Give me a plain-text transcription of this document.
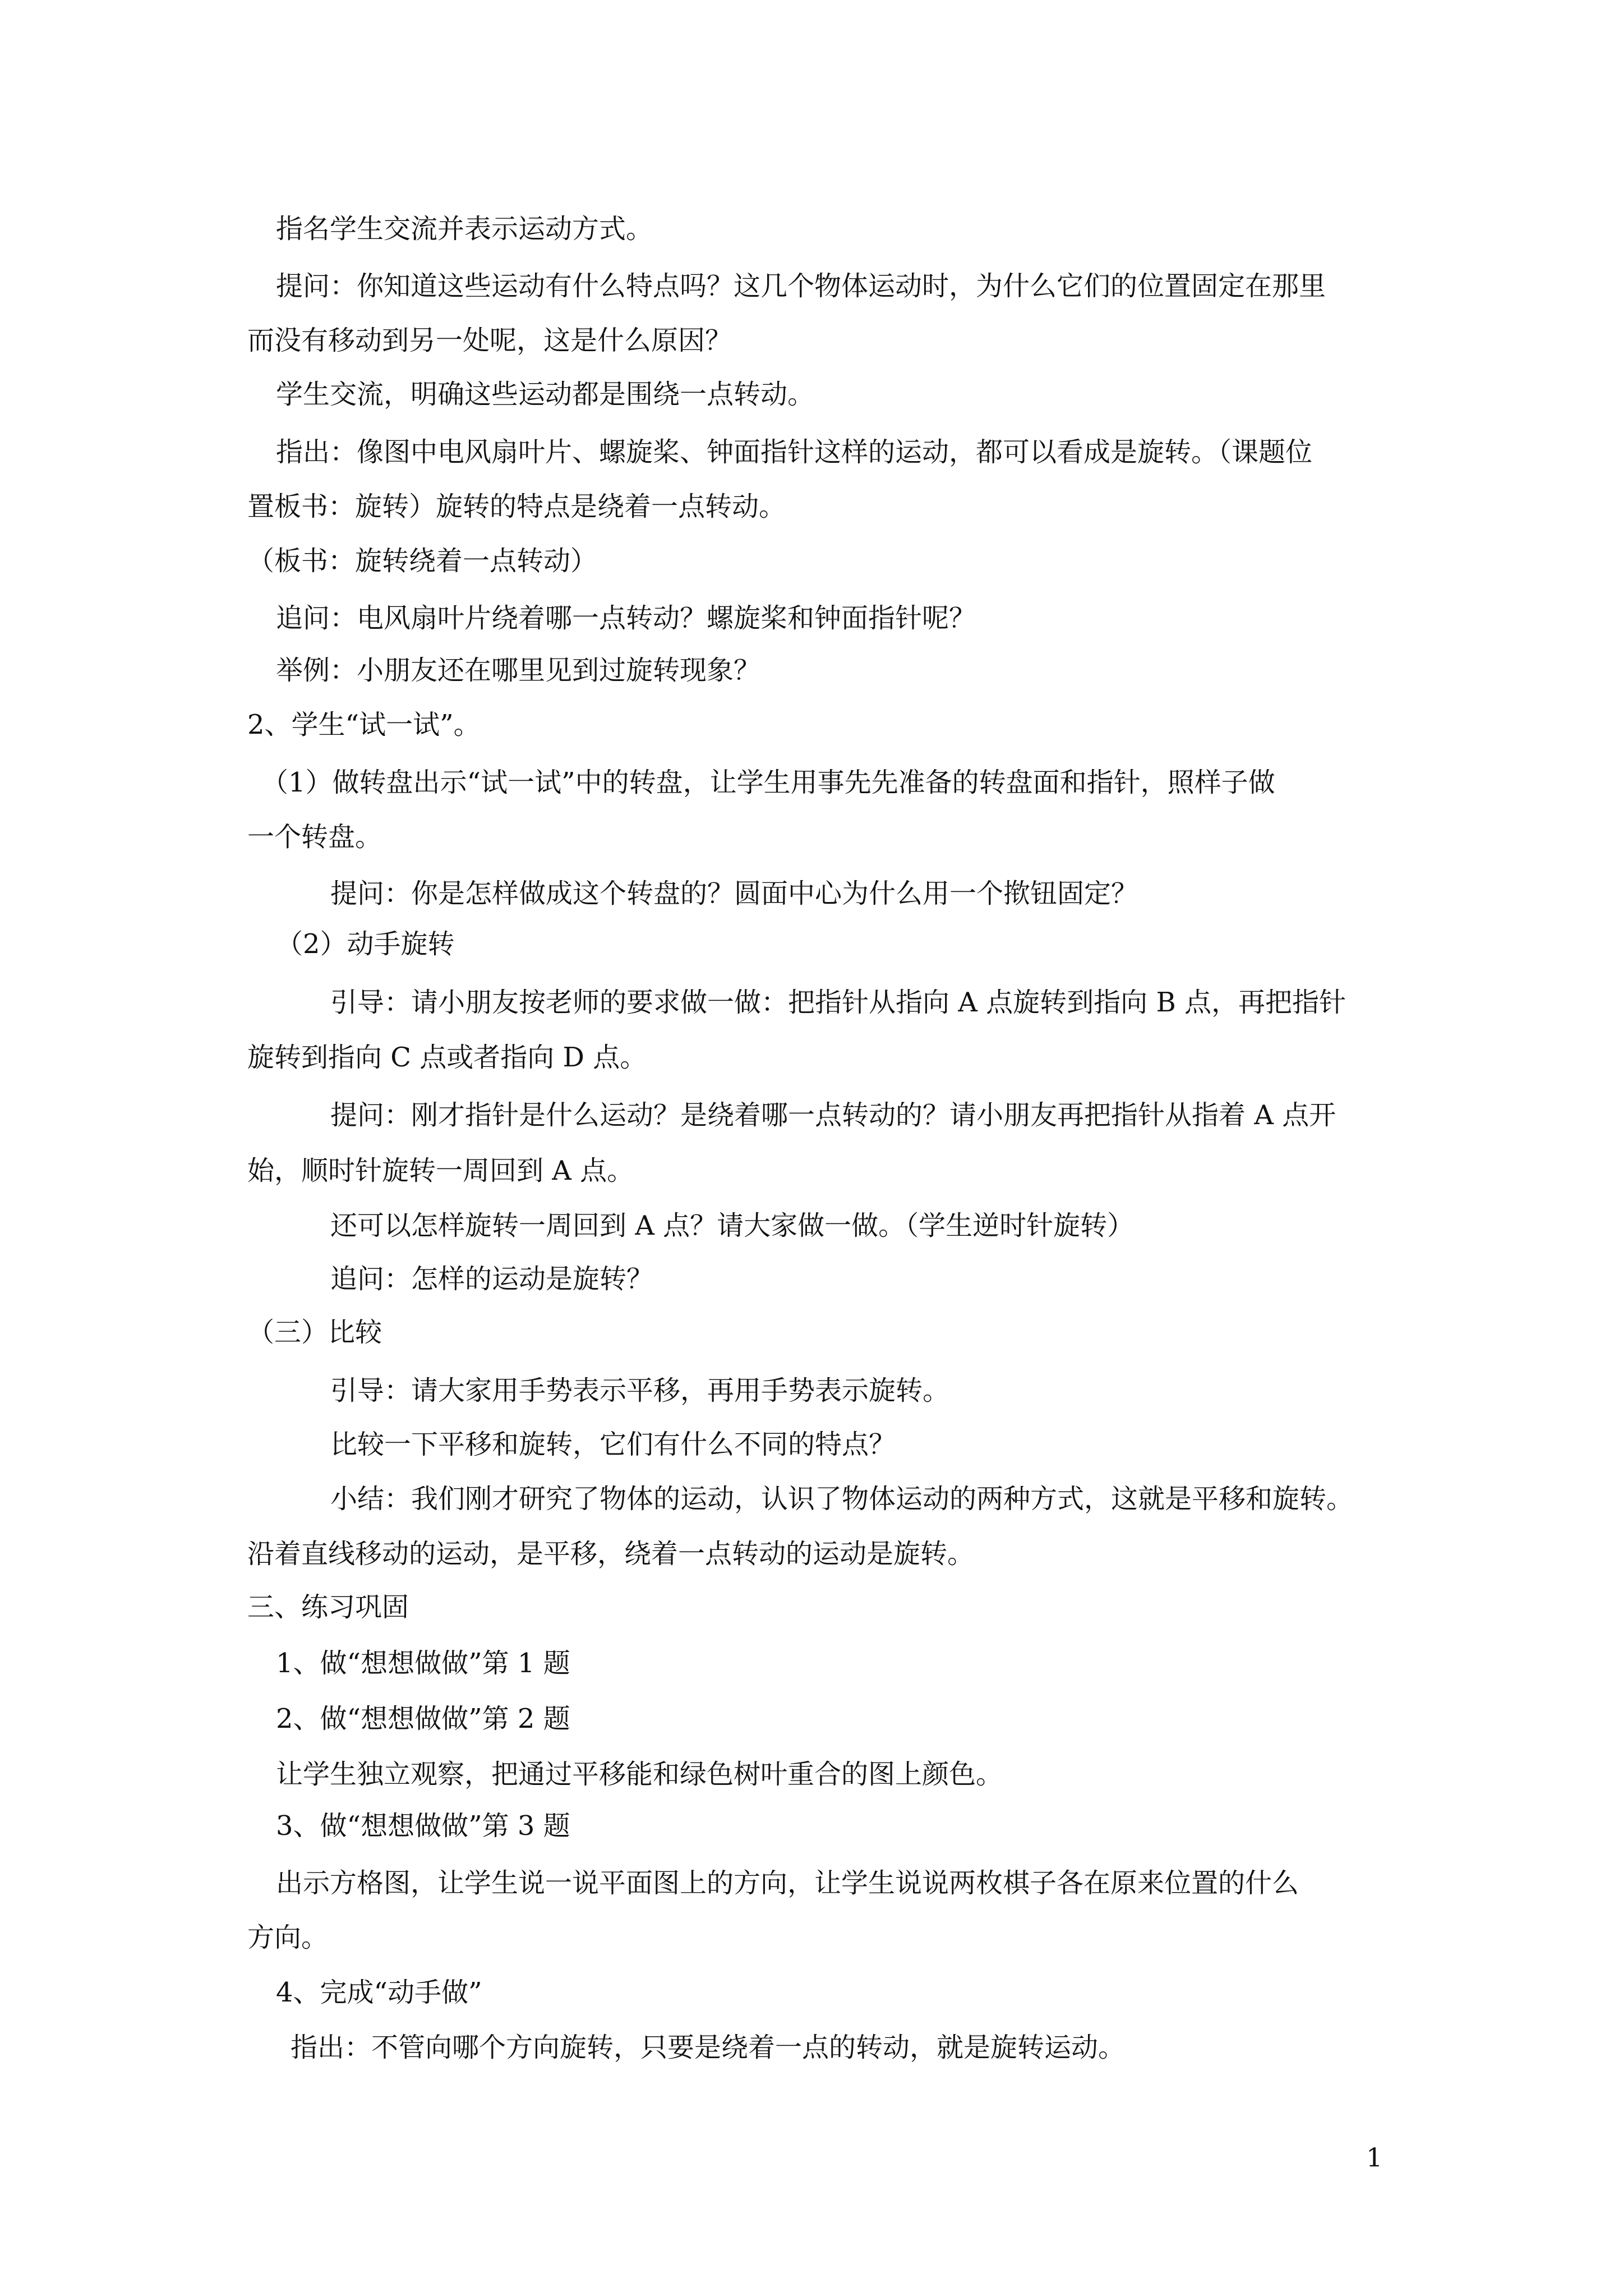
指名学生交流并表示运动方式。
提问：你知道这些运动有什么特点吗？这几个物体运动时，为什么它们的位置固定在那里
而没有移动到另一处呢，这是什么原因？
学生交流，明确这些运动都是围绕一点转动。
指出：像图中电风扇叶片、螺旋桨、钟面指针这样的运动，都可以看成是旋转。（课题位
置板书：旋转）旋转的特点是绕着一点转动。
（板书：旋转绕着一点转动）
追问：电风扇叶片绕着哪一点转动？螺旋桨和钟面指针呢？
举例：小朋友还在哪里见到过旋转现象？
2、学生“试一试”。
（1）做转盘出示“试一试”中的转盘，让学生用事先先准备的转盘面和指针，照样子做
一个转盘。
提问：你是怎样做成这个转盘的？圆面中心为什么用一个揿钮固定？
（2）动手旋转
引导：请小朋友按老师的要求做一做：把指针从指向 A 点旋转到指向 B 点，再把指针
旋转到指向 C 点或者指向 D 点。
提问：刚才指针是什么运动？是绕着哪一点转动的？请小朋友再把指针从指着 A 点开
始，顺时针旋转一周回到 A 点。
还可以怎样旋转一周回到 A 点？请大家做一做。（学生逆时针旋转）
追问：怎样的运动是旋转？
（三）比较
引导：请大家用手势表示平移，再用手势表示旋转。
比较一下平移和旋转，它们有什么不同的特点？
小结：我们刚才研究了物体的运动，认识了物体运动的两种方式，这就是平移和旋转。
沿着直线移动的运动，是平移，绕着一点转动的运动是旋转。
三、练习巩固
1、做“想想做做”第 1 题
2、做“想想做做”第 2 题
让学生独立观察，把通过平移能和绿色树叶重合的图上颜色。
3、做“想想做做”第 3 题
出示方格图，让学生说一说平面图上的方向，让学生说说两枚棋子各在原来位置的什么
方向。
4、完成“动手做”
指出：不管向哪个方向旋转，只要是绕着一点的转动，就是旋转运动。
1
